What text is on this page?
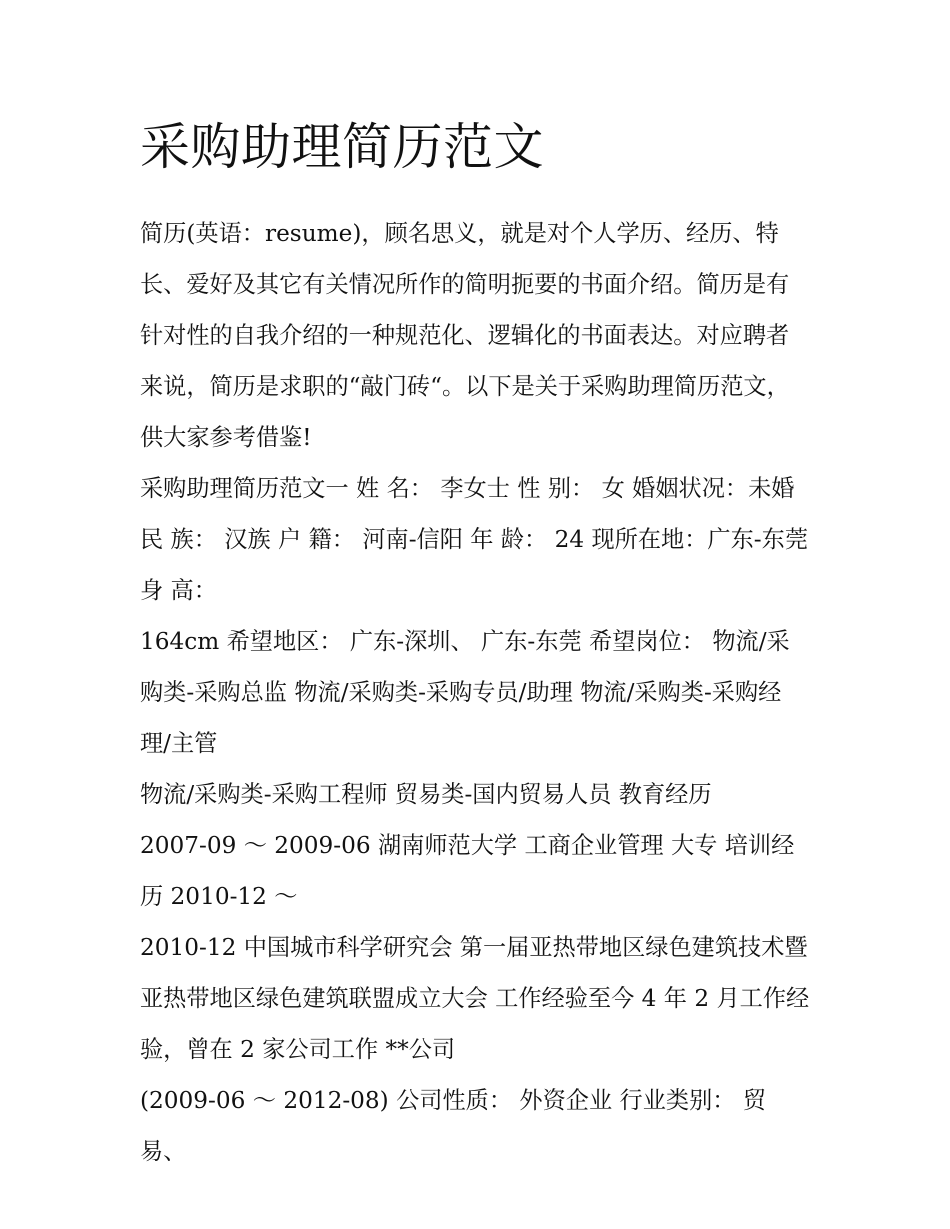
采购助理简历范文

简历(英语：resume)，顾名思义，就是对个人学历、经历、特长、爱好及其它有关情况所作的简明扼要的书面介绍。简历是有针对性的自我介绍的一种规范化、逻辑化的书面表达。对应聘者来说，简历是求职的“敲门砖“。以下是关于采购助理简历范文，供大家参考借鉴!

采购助理简历范文一 姓 名： 李女士 性 别： 女 婚姻状况：未婚 民 族： 汉族 户 籍： 河南-信阳 年 龄： 24 现所在地：广东-东莞 身 高：

164cm 希望地区： 广东-深圳、 广东-东莞 希望岗位： 物流/采购类-采购总监 物流/采购类-采购专员/助理 物流/采购类-采购经理/主管

物流/采购类-采购工程师 贸易类-国内贸易人员 教育经历

2007-09 ～ 2009-06 湖南师范大学 工商企业管理 大专 培训经历 2010-12 ～

2010-12 中国城市科学研究会 第一届亚热带地区绿色建筑技术暨亚热带地区绿色建筑联盟成立大会 工作经验至今 4 年 2 月工作经验，曾在 2 家公司工作 **公司

(2009-06 ～ 2012-08) 公司性质： 外资企业 行业类别： 贸易、
